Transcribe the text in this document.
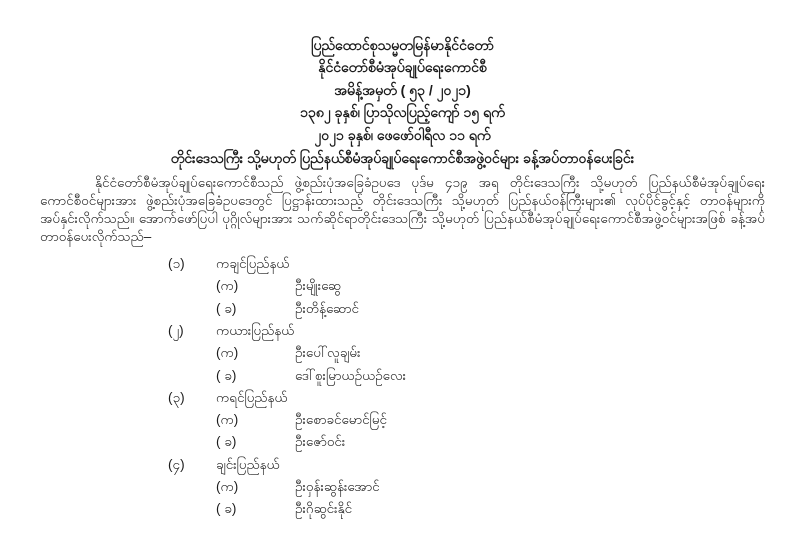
ပြည်ထောင်စုသမ္မတမြန်မာနိုင်ငံတော်
နိုင်ငံတော်စီမံအုပ်ချုပ်ရေးကောင်စီ
အမိန့်အမှတ် ( ၅၃ / ၂၀၂၁)
၁၃၈၂ ခုနှစ်၊ ပြာသိုလပြည့်ကျော် ၁၅ ရက်
၂၀၂၁ ခုနှစ်၊ ဖေဖော်ဝါရီလ ၁၁ ရက်
တိုင်းဒေသကြီး သို့မဟုတ် ပြည်နယ်စီမံအုပ်ချုပ်ရေးကောင်စီအဖွဲ့ဝင်များ ခန့်အပ်တာဝန်ပေးခြင်း
နိုင်ငံတော်စီမံအုပ်ချုပ်ရေးကောင်စီသည် ဖွဲ့စည်းပုံအခြေခံဥပဒေ ပုဒ်မ ၄၁၉ အရ တိုင်းဒေသကြီး သို့မဟုတ် ပြည်နယ်စီမံအုပ်ချုပ်ရေးကောင်စီဝင်များအား ဖွဲ့စည်းပုံအခြေခံဥပဒေတွင် ပြဋ္ဌာန်းထားသည့် တိုင်းဒေသကြီး သို့မဟုတ် ပြည်နယ်ဝန်ကြီးများ၏ လုပ်ပိုင်ခွင့်နှင့် တာဝန်များကို အပ်နှင်းလိုက်သည်။ အောက်ဖော်ပြပါ ပုဂ္ဂိုလ်များအား သက်ဆိုင်ရာတိုင်းဒေသကြီး သို့မဟုတ် ပြည်နယ်စီမံအုပ်ချုပ်ရေးကောင်စီအဖွဲ့ဝင်များအဖြစ် ခန့်အပ်တာဝန်ပေးလိုက်သည်–
(၁) ကချင်ပြည်နယ်
(က)	ဦးမျိုးဆွေ
( ခ)	ဦးတိန့်ဆောင်
(၂) ကယားပြည်နယ်
(က)	ဦးပေါ်လူချမ်း
( ခ)	ဒေါ်စူးမြာယဉ်ယဉ်လေး
(၃) ကရင်ပြည်နယ်
(က)	ဦးစောခင်မောင်မြင့်
( ခ)	ဦးဇော်ဝင်း
(၄) ချင်းပြည်နယ်
(က)	ဦးဝှန်းဆွန်းအောင်
( ခ)	ဦးဂိုဆွင်းနိုင်
